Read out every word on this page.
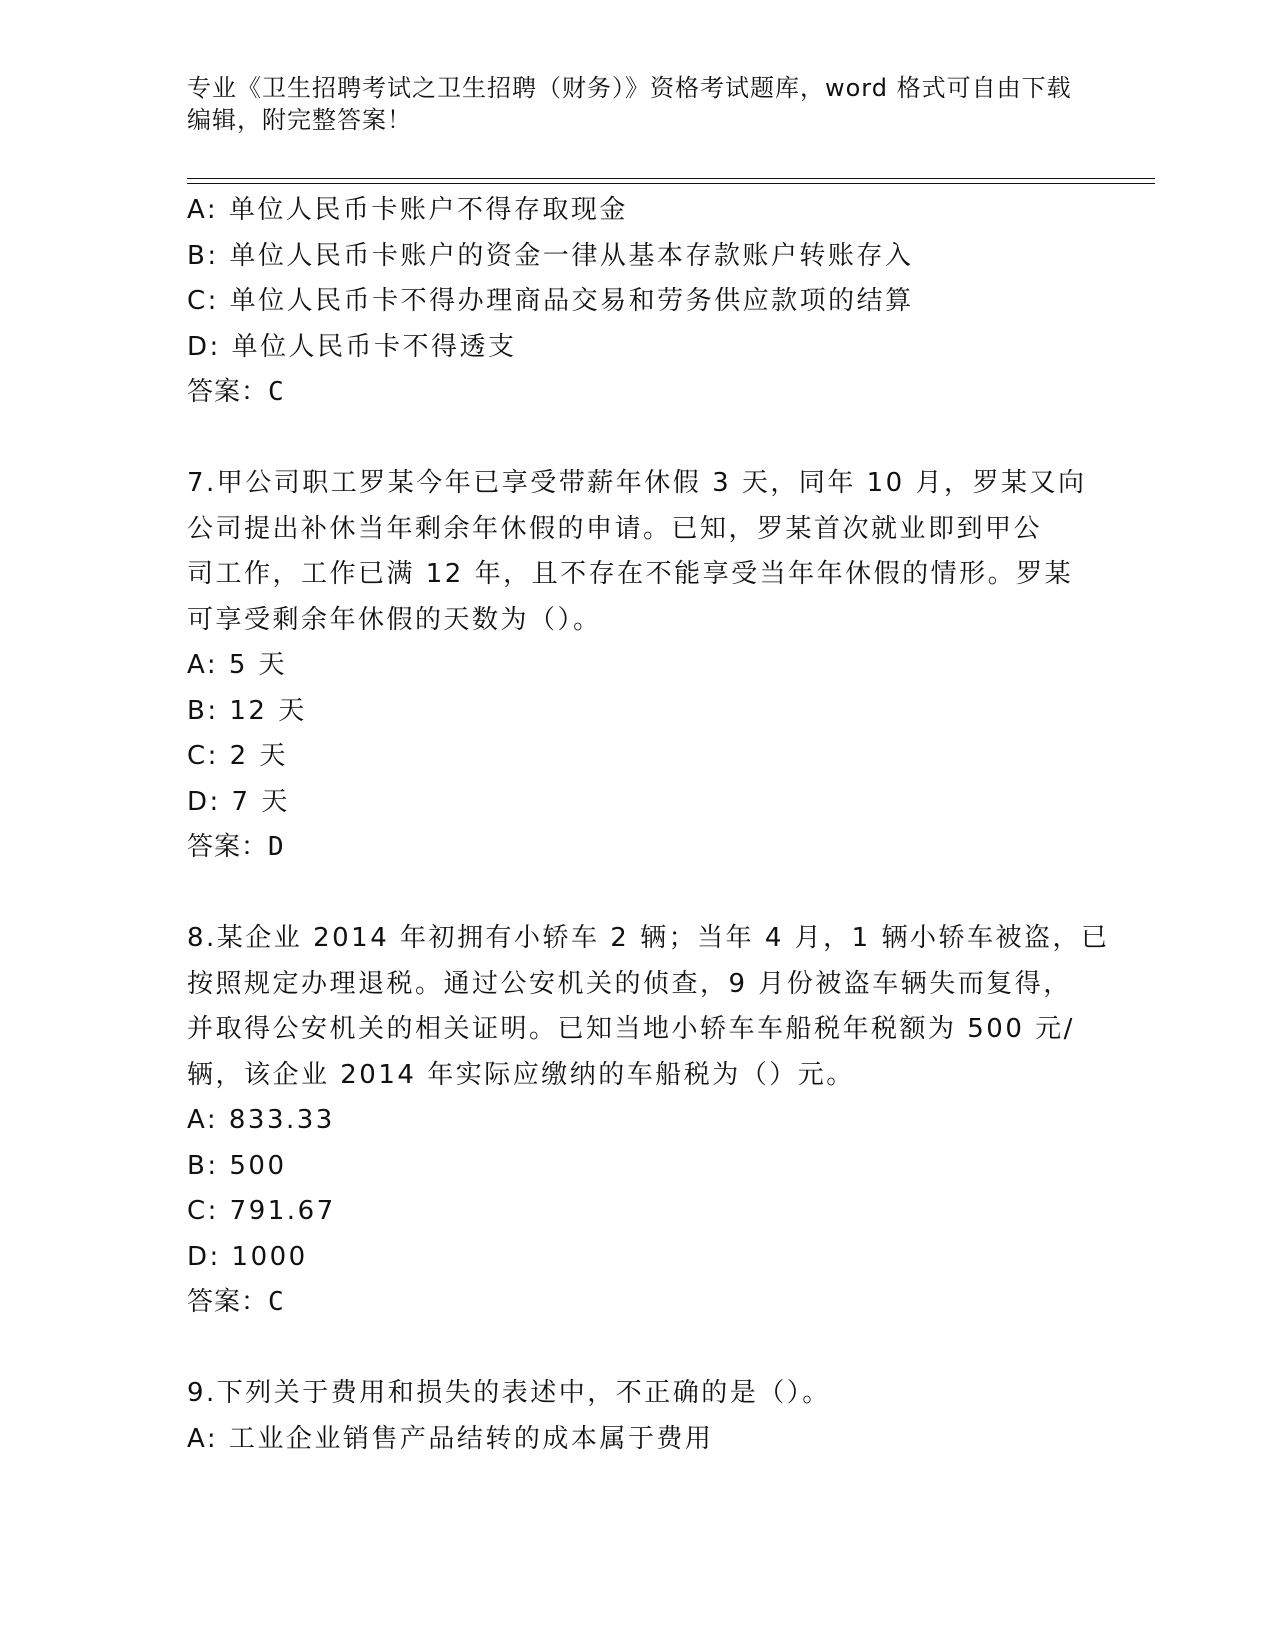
专业《卫生招聘考试之卫生招聘（财务）》资格考试题库，word 格式可自由下载
编辑，附完整答案！
A: 单位人民币卡账户不得存取现金
B: 单位人民币卡账户的资金一律从基本存款账户转账存入
C: 单位人民币卡不得办理商品交易和劳务供应款项的结算
D: 单位人民币卡不得透支
答案：C
7.甲公司职工罗某今年已享受带薪年休假 3 天，同年 10 月，罗某又向
公司提出补休当年剩余年休假的申请。已知，罗某首次就业即到甲公
司工作，工作已满 12 年，且不存在不能享受当年年休假的情形。罗某
可享受剩余年休假的天数为（）。
A: 5 天
B: 12 天
C: 2 天
D: 7 天
答案：D
8.某企业 2014 年初拥有小轿车 2 辆；当年 4 月，1 辆小轿车被盗，已
按照规定办理退税。通过公安机关的侦查，9 月份被盗车辆失而复得，
并取得公安机关的相关证明。已知当地小轿车车船税年税额为 500 元/
辆，该企业 2014 年实际应缴纳的车船税为（）元。
A: 833.33
B: 500
C: 791.67
D: 1000
答案：C
9.下列关于费用和损失的表述中，不正确的是（）。
A: 工业企业销售产品结转的成本属于费用
